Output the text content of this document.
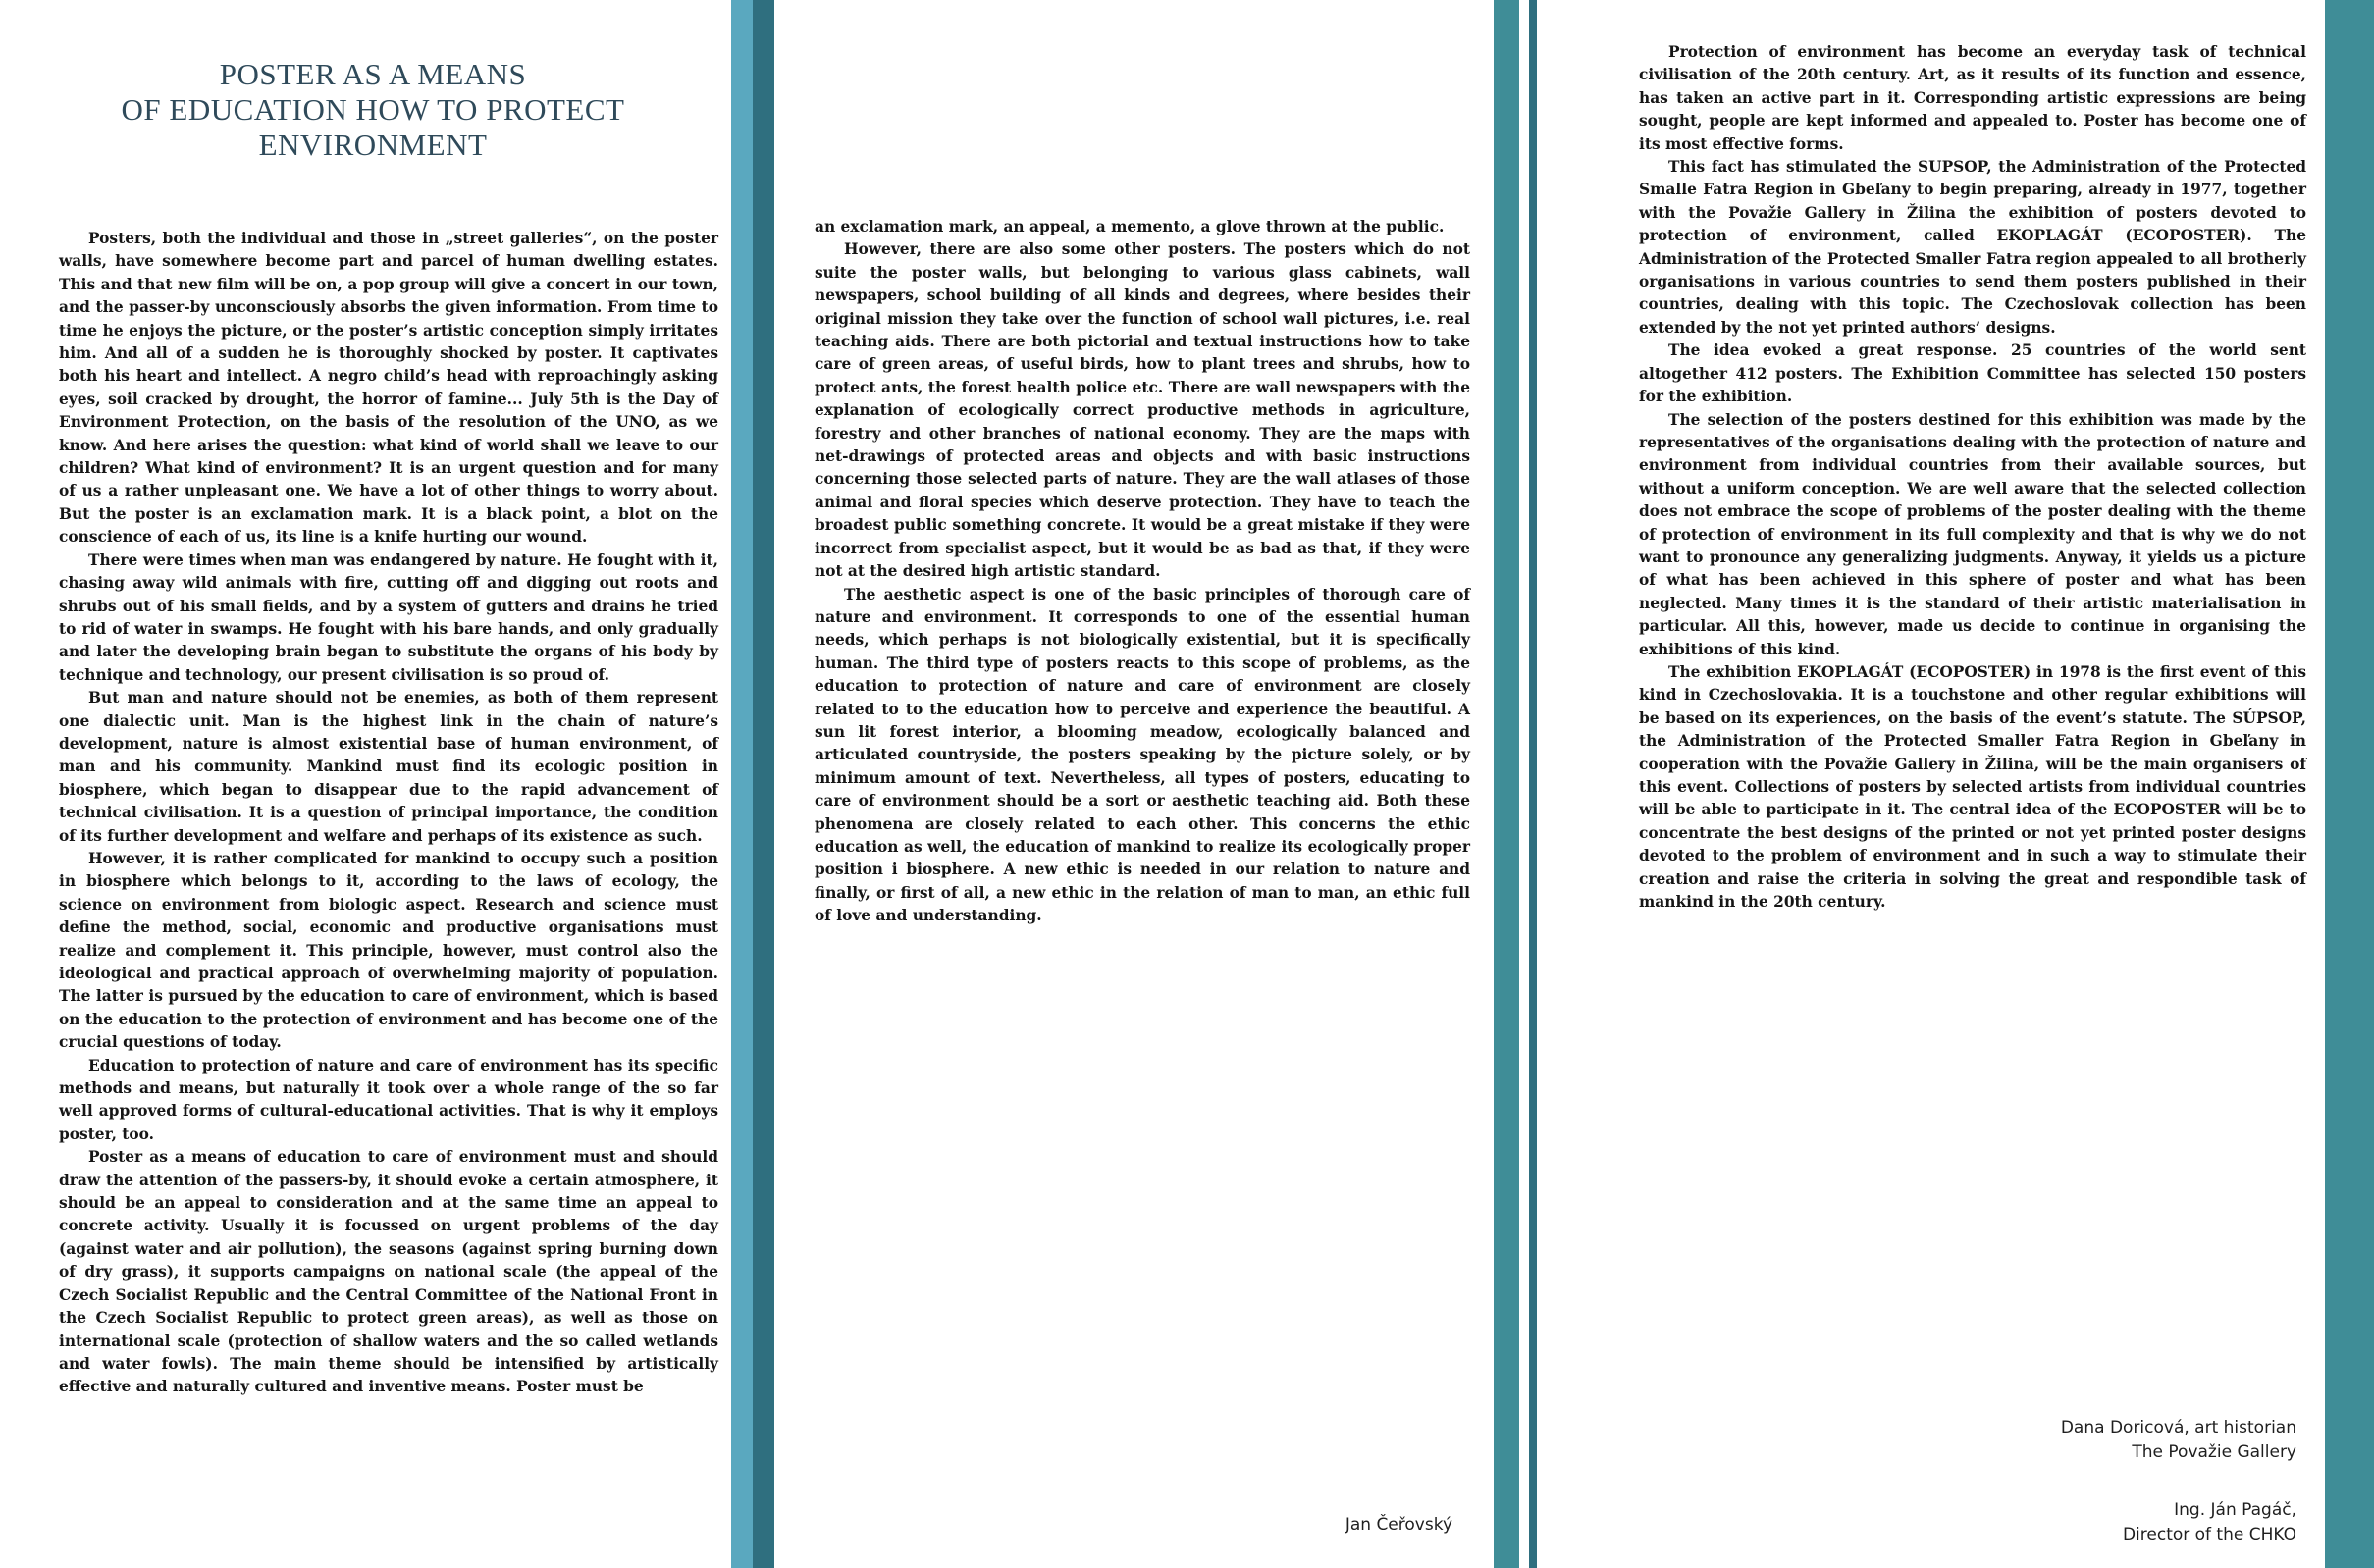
POSTER AS A MEANS
OF EDUCATION HOW TO PROTECT
ENVIRONMENT

Posters, both the individual and those in „street galleries“, on the poster walls, have somewhere become part and parcel of human dwelling estates. This and that new film will be on, a pop group will give a concert in our town, and the passer-by unconsciously absorbs the given information. From time to time he enjoys the picture, or the poster’s artistic conception simply irritates him. And all of a sudden he is thoroughly shocked by poster. It captivates both his heart and intellect. A negro child’s head with reproachingly asking eyes, soil cracked by drought, the horror of famine... July 5th is the Day of Environment Protection, on the basis of the resolution of the UNO, as we know. And here arises the question: what kind of world shall we leave to our children? What kind of environment? It is an urgent question and for many of us a rather unpleasant one. We have a lot of other things to worry about. But the poster is an exclamation mark. It is a black point, a blot on the conscience of each of us, its line is a knife hurting our wound.

There were times when man was endangered by nature. He fought with it, chasing away wild animals with fire, cutting off and digging out roots and shrubs out of his small fields, and by a system of gutters and drains he tried to rid of water in swamps. He fought with his bare hands, and only gradually and later the developing brain began to substitute the organs of his body by technique and technology, our present civilisation is so proud of.

But man and nature should not be enemies, as both of them represent one dialectic unit. Man is the highest link in the chain of nature’s development, nature is almost existential base of human environment, of man and his community. Mankind must find its ecologic position in biosphere, which began to disappear due to the rapid advancement of technical civilisation. It is a question of principal importance, the condition of its further development and welfare and perhaps of its existence as such.

However, it is rather complicated for mankind to occupy such a position in biosphere which belongs to it, according to the laws of ecology, the science on environment from biologic aspect. Research and science must define the method, social, economic and productive organisations must realize and complement it. This principle, however, must control also the ideological and practical approach of overwhelming majority of population. The latter is pursued by the education to care of environment, which is based on the education to the protection of environment and has become one of the crucial questions of today.

Education to protection of nature and care of environment has its specific methods and means, but naturally it took over a whole range of the so far well approved forms of cultural-educational activities. That is why it employs poster, too.

Poster as a means of education to care of environment must and should draw the attention of the passers-by, it should evoke a certain atmosphere, it should be an appeal to consideration and at the same time an appeal to concrete activity. Usually it is focussed on urgent problems of the day (against water and air pollution), the seasons (against spring burning down of dry grass), it supports campaigns on national scale (the appeal of the Czech Socialist Republic and the Central Committee of the National Front in the Czech Socialist Republic to protect green areas), as well as those on international scale (protection of shallow waters and the so called wetlands and water fowls). The main theme should be intensified by artistically effective and naturally cultured and inventive means. Poster must be

an exclamation mark, an appeal, a memento, a glove thrown at the public.

However, there are also some other posters. The posters which do not suite the poster walls, but belonging to various glass cabinets, wall newspapers, school building of all kinds and degrees, where besides their original mission they take over the function of school wall pictures, i.e. real teaching aids. There are both pictorial and textual instructions how to take care of green areas, of useful birds, how to plant trees and shrubs, how to protect ants, the forest health police etc. There are wall newspapers with the explanation of ecologically correct productive methods in agriculture, forestry and other branches of national economy. They are the maps with net-drawings of protected areas and objects and with basic instructions concerning those selected parts of nature. They are the wall atlases of those animal and floral species which deserve protection. They have to teach the broadest public something concrete. It would be a great mistake if they were incorrect from specialist aspect, but it would be as bad as that, if they were not at the desired high artistic standard.

The aesthetic aspect is one of the basic principles of thorough care of nature and environment. It corresponds to one of the essential human needs, which perhaps is not biologically existential, but it is specifically human. The third type of posters reacts to this scope of problems, as the education to protection of nature and care of environment are closely related to to the education how to perceive and experience the beautiful. A sun lit forest interior, a blooming meadow, ecologically balanced and articulated countryside, the posters speaking by the picture solely, or by minimum amount of text. Nevertheless, all types of posters, educating to care of environment should be a sort or aesthetic teaching aid. Both these phenomena are closely related to each other. This concerns the ethic education as well, the education of mankind to realize its ecologically proper position i biosphere. A new ethic is needed in our relation to nature and finally, or first of all, a new ethic in the relation of man to man, an ethic full of love and understanding.

Jan Čeřovský

Protection of environment has become an everyday task of technical civilisation of the 20th century. Art, as it results of its function and essence, has taken an active part in it. Corresponding artistic expressions are being sought, people are kept informed and appealed to. Poster has become one of its most effective forms.

This fact has stimulated the SUPSOP, the Administration of the Protected Smalle Fatra Region in Gbeľany to begin preparing, already in 1977, together with the Považie Gallery in Žilina the exhibition of posters devoted to protection of environment, called EKOPLAGÁT (ECOPOSTER). The Administration of the Protected Smaller Fatra region appealed to all brotherly organisations in various countries to send them posters published in their countries, dealing with this topic. The Czechoslovak collection has been extended by the not yet printed authors’ designs.

The idea evoked a great response. 25 countries of the world sent altogether 412 posters. The Exhibition Committee has selected 150 posters for the exhibition.

The selection of the posters destined for this exhibition was made by the representatives of the organisations dealing with the protection of nature and environment from individual countries from their available sources, but without a uniform conception. We are well aware that the selected collection does not embrace the scope of problems of the poster dealing with the theme of protection of environment in its full complexity and that is why we do not want to pronounce any generalizing judgments. Anyway, it yields us a picture of what has been achieved in this sphere of poster and what has been neglected. Many times it is the standard of their artistic materialisation in particular. All this, however, made us decide to continue in organising the exhibitions of this kind.

The exhibition EKOPLAGÁT (ECOPOSTER) in 1978 is the first event of this kind in Czechoslovakia. It is a touchstone and other regular exhibitions will be based on its experiences, on the basis of the event’s statute. The SÚPSOP, the Administration of the Protected Smaller Fatra Region in Gbeľany in cooperation with the Považie Gallery in Žilina, will be the main organisers of this event. Collections of posters by selected artists from individual countries will be able to participate in it. The central idea of the ECOPOSTER will be to concentrate the best designs of the printed or not yet printed poster designs devoted to the problem of environment and in such a way to stimulate their creation and raise the criteria in solving the great and respondible task of mankind in the 20th century.

Dana Doricová, art historian
The Považie Gallery
Ing. Ján Pagáč,
Director of the CHKO
